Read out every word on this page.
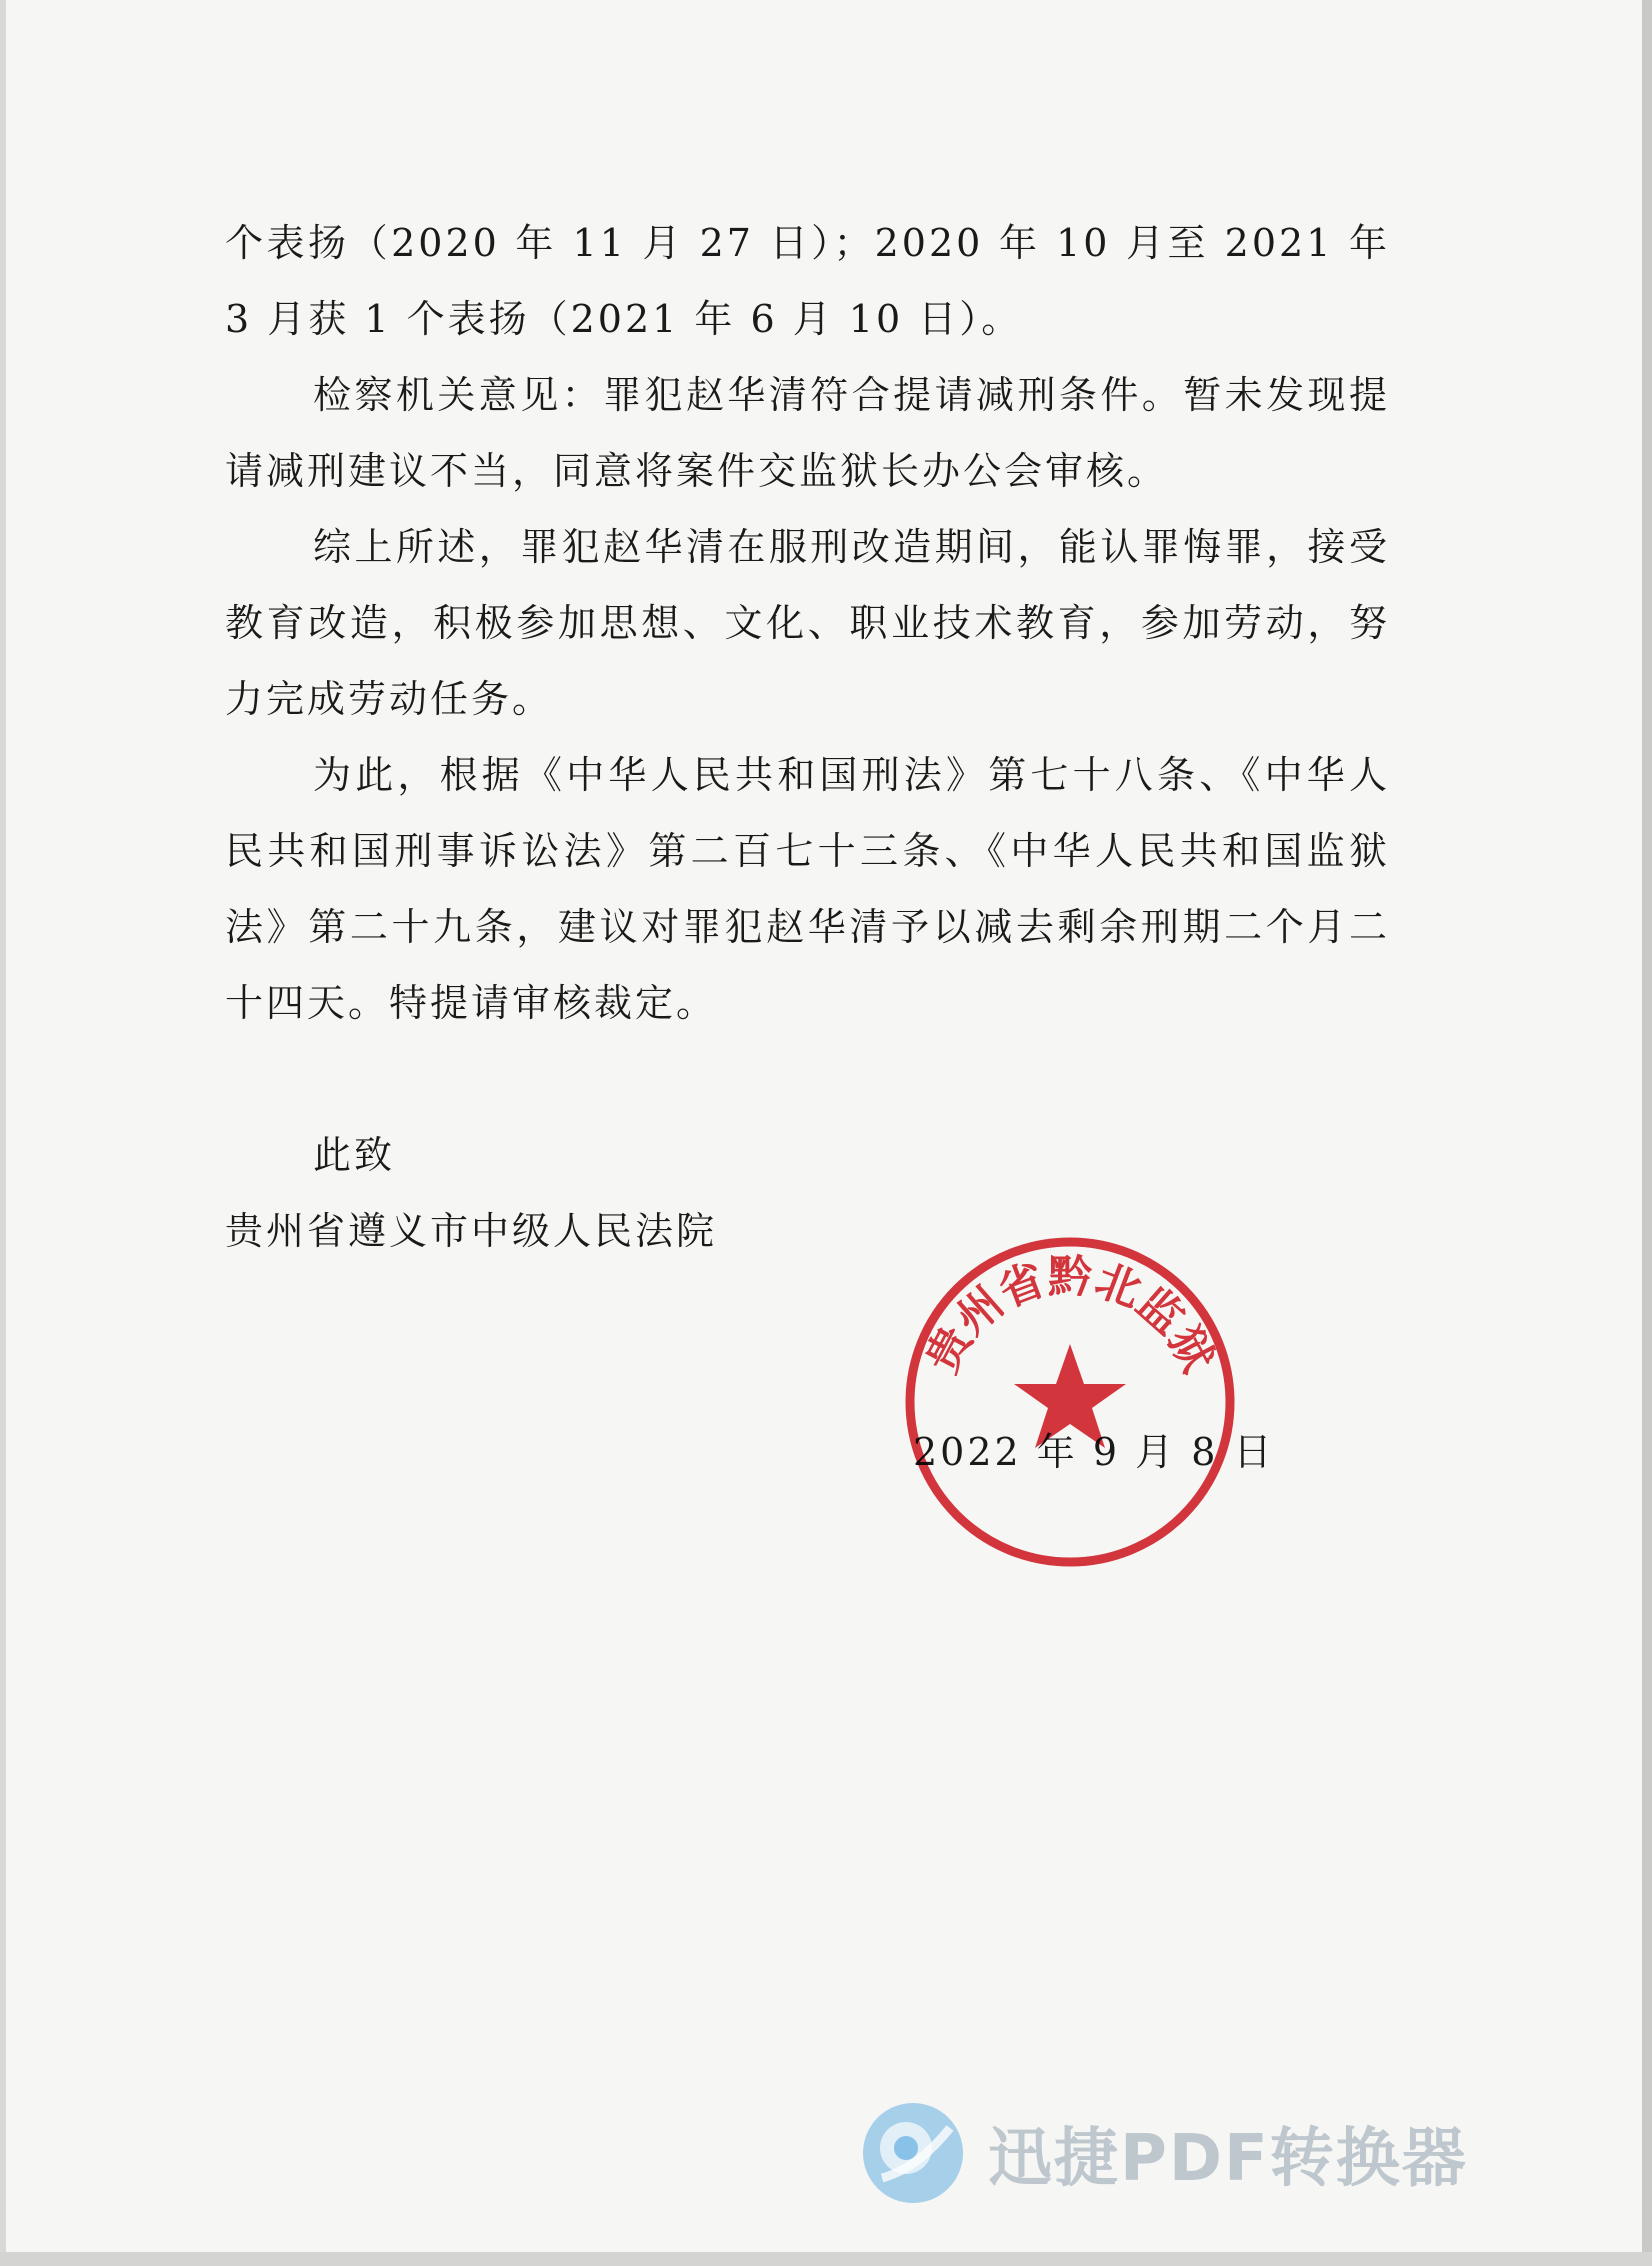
个表扬（2020 年 11 月 27 日）；2020 年 10 月至 2021 年 3 月获 1 个表扬（2021 年 6 月 10 日）。

检察机关意见：罪犯赵华清符合提请减刑条件。暂未发现提请减刑建议不当，同意将案件交监狱长办公会审核。

综上所述，罪犯赵华清在服刑改造期间，能认罪悔罪，接受教育改造，积极参加思想、文化、职业技术教育，参加劳动，努力完成劳动任务。

为此，根据《中华人民共和国刑法》第七十八条、《中华人民共和国刑事诉讼法》第二百七十三条、《中华人民共和国监狱法》第二十九条，建议对罪犯赵华清予以减去剩余刑期二个月二十四天。特提请审核裁定。

此致

贵州省遵义市中级人民法院

2022 年 9 月 8 日
贵州省黔北监狱
迅捷PDF转换器
